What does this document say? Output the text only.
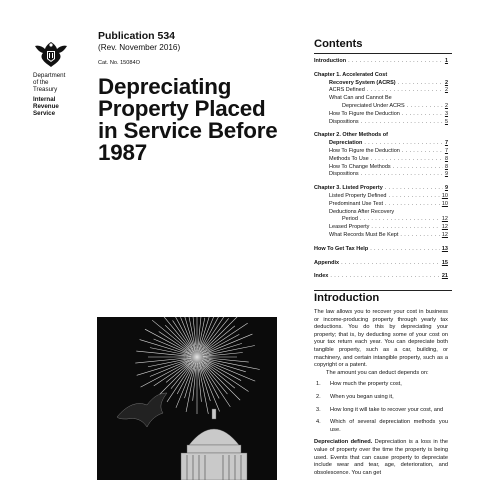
Department
of the
Treasury
Internal
Revenue
Service
Publication 534
(Rev. November 2016)
Cat. No. 15084O
Depreciating
Property Placed
in Service Before
1987
Contents
Introduction .....	1
Chapter 1. Accelerated Cost
Recovery System (ACRS) .....	2
ACRS Defined .....	2
What Can and Cannot Be
Depreciated Under ACRS .....	2
How To Figure the Deduction .....	3
Dispositions .....	5
Chapter 2. Other Methods of
Depreciation .....	7
How To Figure the Deduction .....	7
Methods To Use .....	8
How To Change Methods .....	8
Dispositions .....	9
Chapter 3. Listed Property .....	9
Listed Property Defined .....	10
Predominant Use Test .....	10
Deductions After Recovery
Period .....	12
Leased Property .....	12
What Records Must Be Kept .....	12
How To Get Tax Help .....	13
Appendix .....	15
Index .....	21
Introduction

The law allows you to recover your cost in business or income-producing property through yearly tax deductions. You do this by depreciating your property; that is, by deducting some of your cost on your tax return each year. You can depreciate both tangible property, such as a car, building, or machinery, and certain intangible property, such as a copyright or a patent.

The amount you can deduct depends on:

1.	How much the property cost,
2.	When you began using it,
3.	How long it will take to recover your cost, and
4.	Which of several depreciation methods you use.

Depreciation defined. Depreciation is a loss in the value of property over the time the property is being used. Events that can cause property to depreciate include wear and tear, age, deterioration, and obsolescence. You can get
